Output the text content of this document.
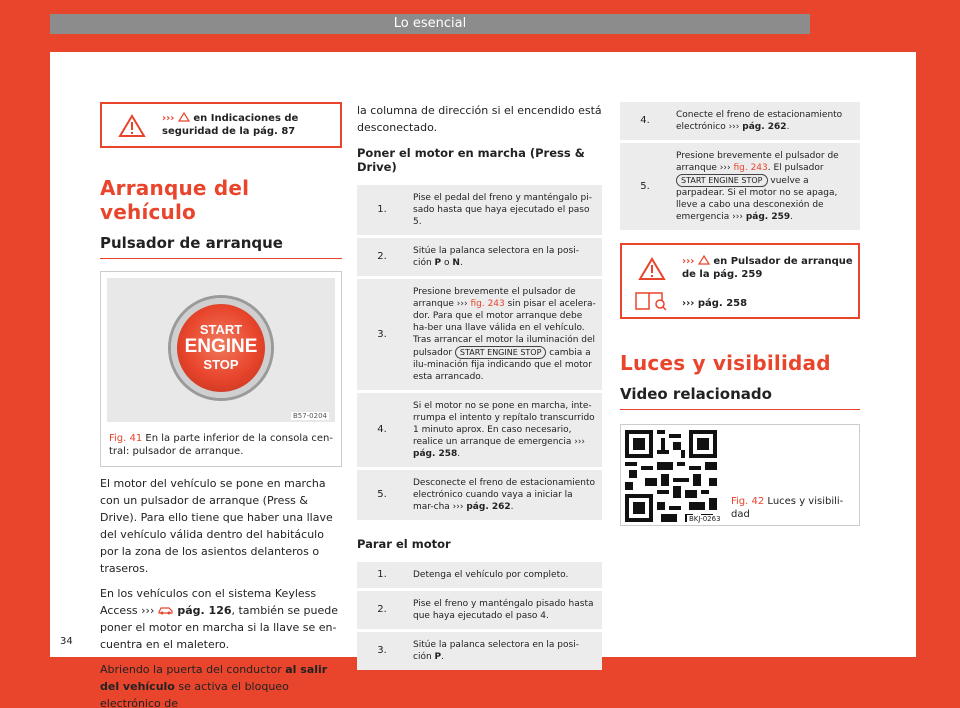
Lo esencial
››› en Indicaciones de seguridad de la pág. 87
Arranque del vehículo
Pulsador de arranque
START
ENGINE
STOP
B57-0204
Fig. 41 En la parte inferior de la consola cen-tral: pulsador de arranque.

El motor del vehículo se pone en marcha con un pulsador de arranque (Press & Drive). Para ello tiene que haber una llave del vehículo válida dentro del habitáculo por la zona de los asientos delanteros o traseros.

En los vehículos con el sistema Keyless Access ››› pág. 126, también se puede poner el motor en marcha si la llave se en-cuentra en el maletero.

Abriendo la puerta del conductor al salir del vehículo se activa el bloqueo electrónico de

la columna de dirección si el encendido está desconectado.

Poner el motor en marcha (Press & Drive)
1.	Pise el pedal del freno y manténgalo pi-sado hasta que haya ejecutado el paso 5.
2.	Sitúe la palanca selectora en la posi-ción P o N.
3.	Presione brevemente el pulsador de arranque ››› fig. 243 sin pisar el acelera-dor. Para que el motor arranque debe ha-ber una llave válida en el vehículo. Tras arrancar el motor la iluminación del pulsador START ENGINE STOP cambia a ilu-minación fija indicando que el motor esta arrancado.
4.	Si el motor no se pone en marcha, inte-rrumpa el intento y repítalo transcurrido 1 minuto aprox. En caso necesario, realice un arranque de emergencia ››› pág. 258.
5.	Desconecte el freno de estacionamiento electrónico cuando vaya a iniciar la mar-cha ››› pág. 262.
Parar el motor
1.	Detenga el vehículo por completo.
2.	Pise el freno y manténgalo pisado hasta que haya ejecutado el paso 4.
3.	Sitúe la palanca selectora en la posi-ción P.
4.	Conecte el freno de estacionamiento electrónico ››› pág. 262.
5.	Presione brevemente el pulsador de arranque ››› fig. 243. El pulsador START ENGINE STOP vuelve a parpadear. Si el motor no se apaga, lleve a cabo una desconexión de emergencia ››› pág. 259.
››› en Pulsador de arranque de la pág. 259
››› pág. 258
Luces y visibilidad
Video relacionado
BKJ-0263
Fig. 42 Luces y visibili-dad
34
